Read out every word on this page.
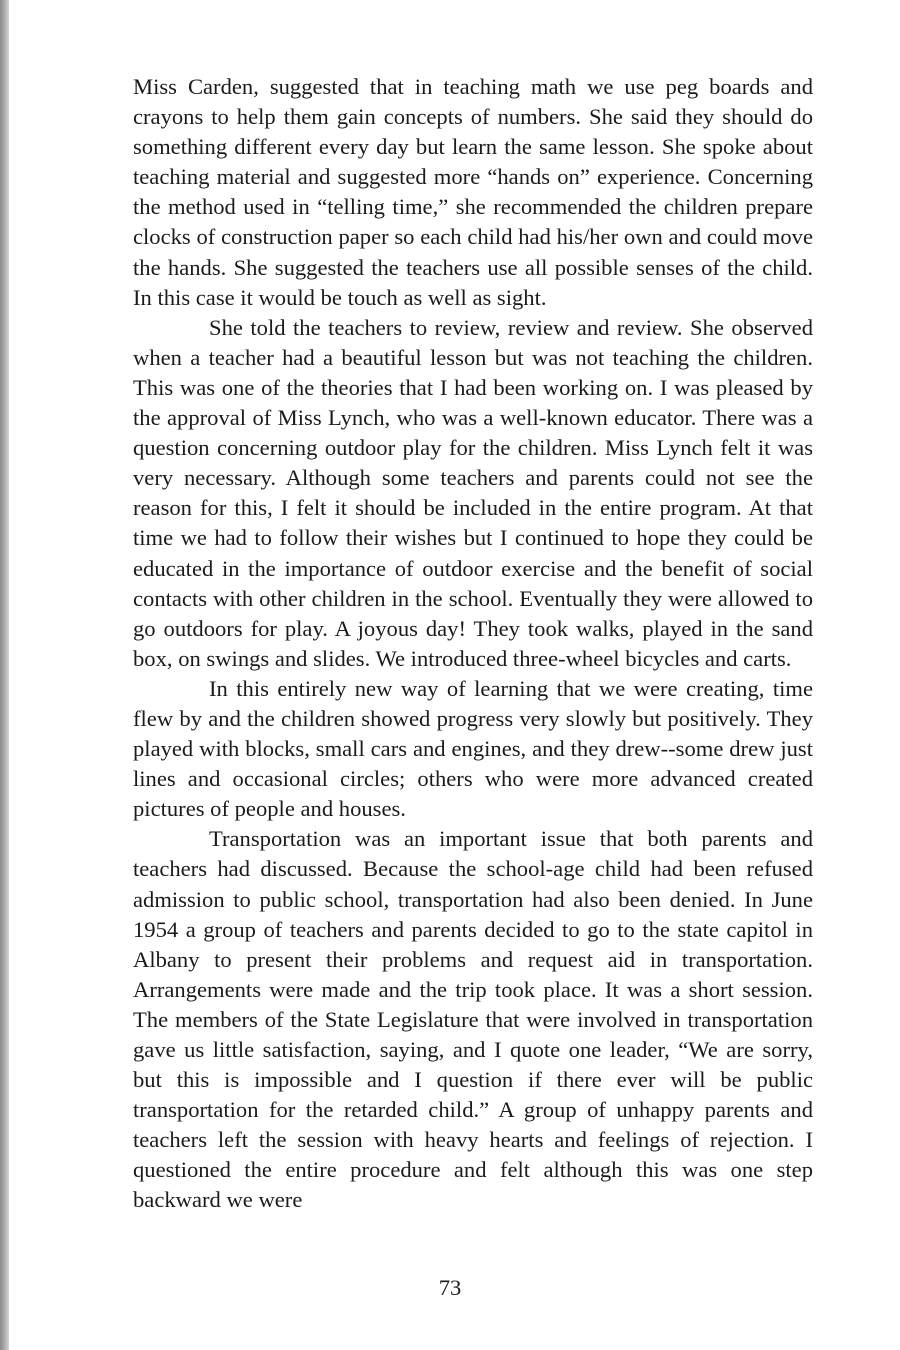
Miss Carden, suggested that in teaching math we use peg boards and crayons to help them gain concepts of numbers. She said they should do something different every day but learn the same lesson. She spoke about teaching material and suggested more “hands on” experience. Concerning the method used in “telling time,” she recommended the children prepare clocks of construction paper so each child had his/her own and could move the hands. She suggested the teachers use all possible senses of the child. In this case it would be touch as well as sight.

She told the teachers to review, review and review. She observed when a teacher had a beautiful lesson but was not teaching the children. This was one of the theories that I had been working on. I was pleased by the approval of Miss Lynch, who was a well-known educator. There was a question concerning outdoor play for the children. Miss Lynch felt it was very necessary. Although some teachers and parents could not see the reason for this, I felt it should be included in the entire program. At that time we had to follow their wishes but I continued to hope they could be educated in the importance of outdoor exercise and the benefit of social contacts with other children in the school. Eventually they were allowed to go outdoors for play. A joyous day! They took walks, played in the sand box, on swings and slides. We introduced three-wheel bicycles and carts.

In this entirely new way of learning that we were creating, time flew by and the children showed progress very slowly but positively. They played with blocks, small cars and engines, and they drew--some drew just lines and occasional circles; others who were more advanced created pictures of people and houses.

Transportation was an important issue that both parents and teachers had discussed. Because the school-age child had been refused admission to public school, transportation had also been denied. In June 1954 a group of teachers and parents decided to go to the state capitol in Albany to present their problems and request aid in transportation. Arrangements were made and the trip took place. It was a short session. The members of the State Legislature that were involved in transportation gave us little satisfaction, saying, and I quote one leader, “We are sorry, but this is impossible and I question if there ever will be public transportation for the retarded child.” A group of unhappy parents and teachers left the session with heavy hearts and feelings of rejection. I questioned the entire procedure and felt although this was one step backward we were

73
